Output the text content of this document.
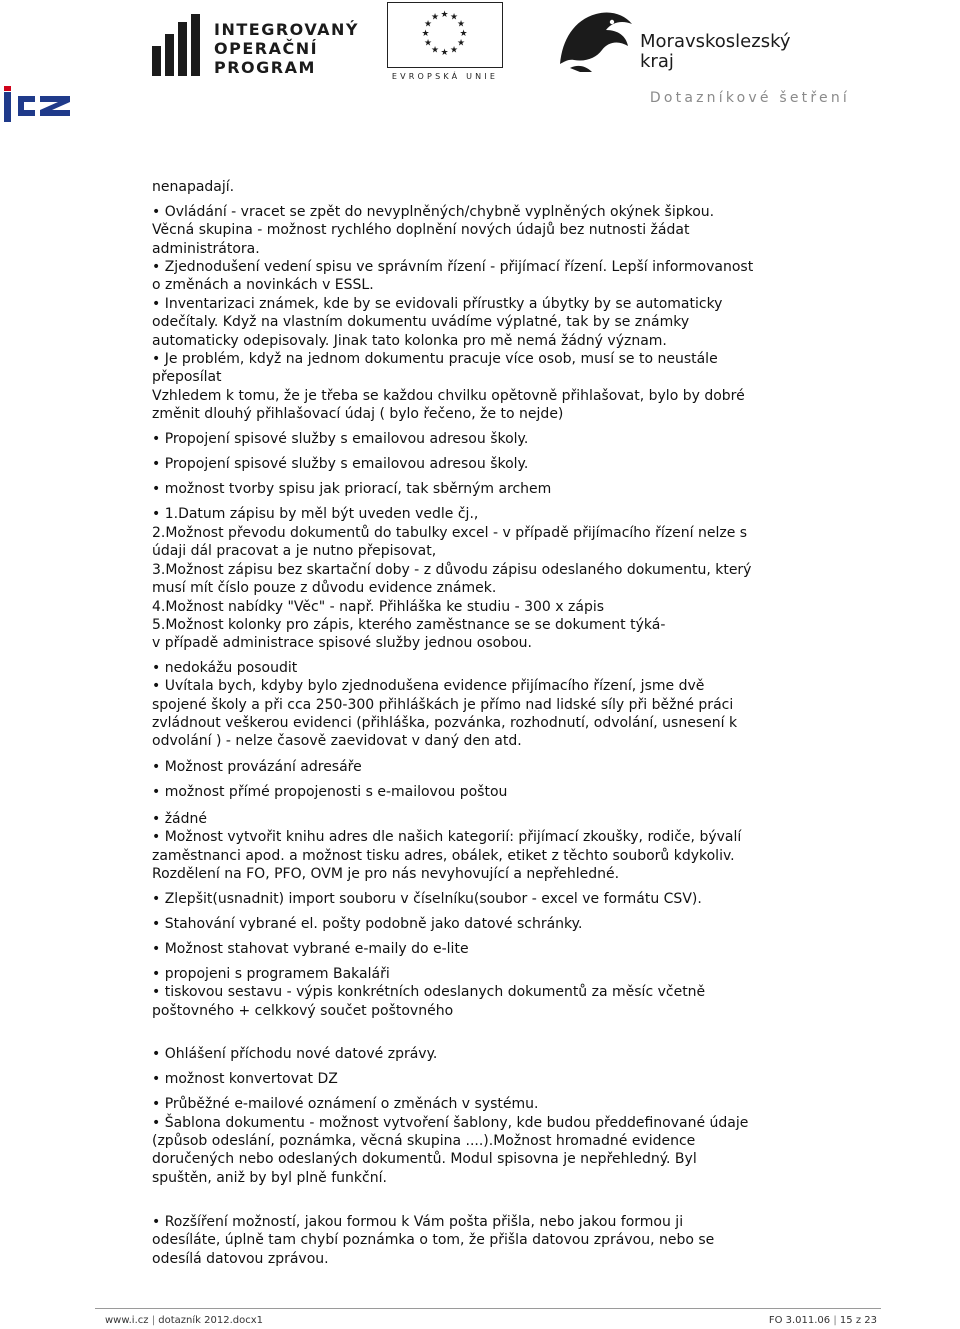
INTEGROVANÝ
OPERAČNÍ
PROGRAM
★ ★
★
★
★
★
★
★
★
★
★
★
EVROPSKÁ UNIE
Moravskoslezský
kraj
Dotazníkové šetření

nenapadají.

• Ovládání - vracet se zpět do nevyplněných/chybně vyplněných okýnek šipkou.

Věcná skupina - možnost rychlého doplnění nových údajů bez nutnosti žádat

administrátora.

• Zjednodušení vedení spisu ve správním řízení - přijímací řízení. Lepší informovanost

o změnách a novinkách v ESSL.

• Inventarizaci známek, kde by se evidovali přírustky a úbytky by se automaticky

odečítaly. Když na vlastním dokumentu uvádíme výplatné, tak by se známky

automaticky odepisovaly. Jinak tato kolonka pro mě nemá žádný význam.

• Je problém, když na jednom dokumentu pracuje více osob, musí se to neustále

přeposílat

Vzhledem k tomu, že je třeba se každou chvilku opětovně přihlašovat, bylo by dobré

změnit dlouhý přihlašovací údaj ( bylo řečeno, že to nejde)

• Propojení spisové služby s emailovou adresou školy.

• Propojení spisové služby s emailovou adresou školy.

• možnost tvorby spisu jak priorací, tak sběrným archem

• 1.Datum zápisu by měl být uveden vedle čj.,

2.Možnost převodu dokumentů do tabulky excel - v případě přijímacího řízení nelze s

údaji dál pracovat a je nutno přepisovat,

3.Možnost zápisu bez skartační doby - z důvodu zápisu odeslaného dokumentu, který

musí mít číslo pouze z důvodu evidence známek.

4.Možnost nabídky "Věc" - např. Přihláška ke studiu - 300 x zápis

5.Možnost kolonky pro zápis, kterého zaměstnance se se dokument týká-

v případě administrace spisové služby jednou osobou.

• nedokážu posoudit

• Uvítala bych, kdyby bylo zjednodušena evidence přijímacího řízení, jsme dvě

spojené školy a při cca 250-300 přihláškách je přímo nad lidské síly při běžné práci

zvládnout veškerou evidenci (přihláška, pozvánka, rozhodnutí, odvolání, usnesení k

odvolání ) - nelze časově zaevidovat v daný den atd.

• Možnost provázání adresáře

• možnost přímé propojenosti s e-mailovou poštou

• žádné

• Možnost vytvořit knihu adres dle našich kategorií: přijímací zkoušky, rodiče, bývalí

zaměstnanci apod. a možnost tisku adres, obálek, etiket z těchto souborů kdykoliv.

Rozdělení na FO, PFO, OVM je pro nás nevyhovující a nepřehledné.

• Zlepšit(usnadnit) import souboru v číselníku(soubor - excel ve formátu CSV).

• Stahování vybrané el. pošty podobně jako datové schránky.

• Možnost stahovat vybrané e-maily do e-lite

• propojeni s programem Bakaláři

• tiskovou sestavu - výpis konkrétních odeslanych dokumentů za měsíc včetně

poštovného + celkkový součet poštovného

• Ohlášení příchodu nové datové zprávy.

• možnost konvertovat DZ

• Průběžné e-mailové oznámení o změnách v systému.

• Šablona dokumentu - možnost vytvoření šablony, kde budou předdefinované údaje

(způsob odeslání, poznámka, věcná skupina ....).Možnost hromadné evidence

doručených nebo odeslaných dokumentů. Modul spisovna je nepřehledný. Byl

spuštěn, aniž by byl plně funkční.

• Rozšíření možností, jakou formou k Vám pošta přišla, nebo jakou formou ji

odesíláte, úplně tam chybí poznámka o tom, že přišla datovou zprávou, nebo se

odesílá datovou zprávou.

www.i.cz | dotazník 2012.docx1	FO 3.011.06 | 15 z 23
